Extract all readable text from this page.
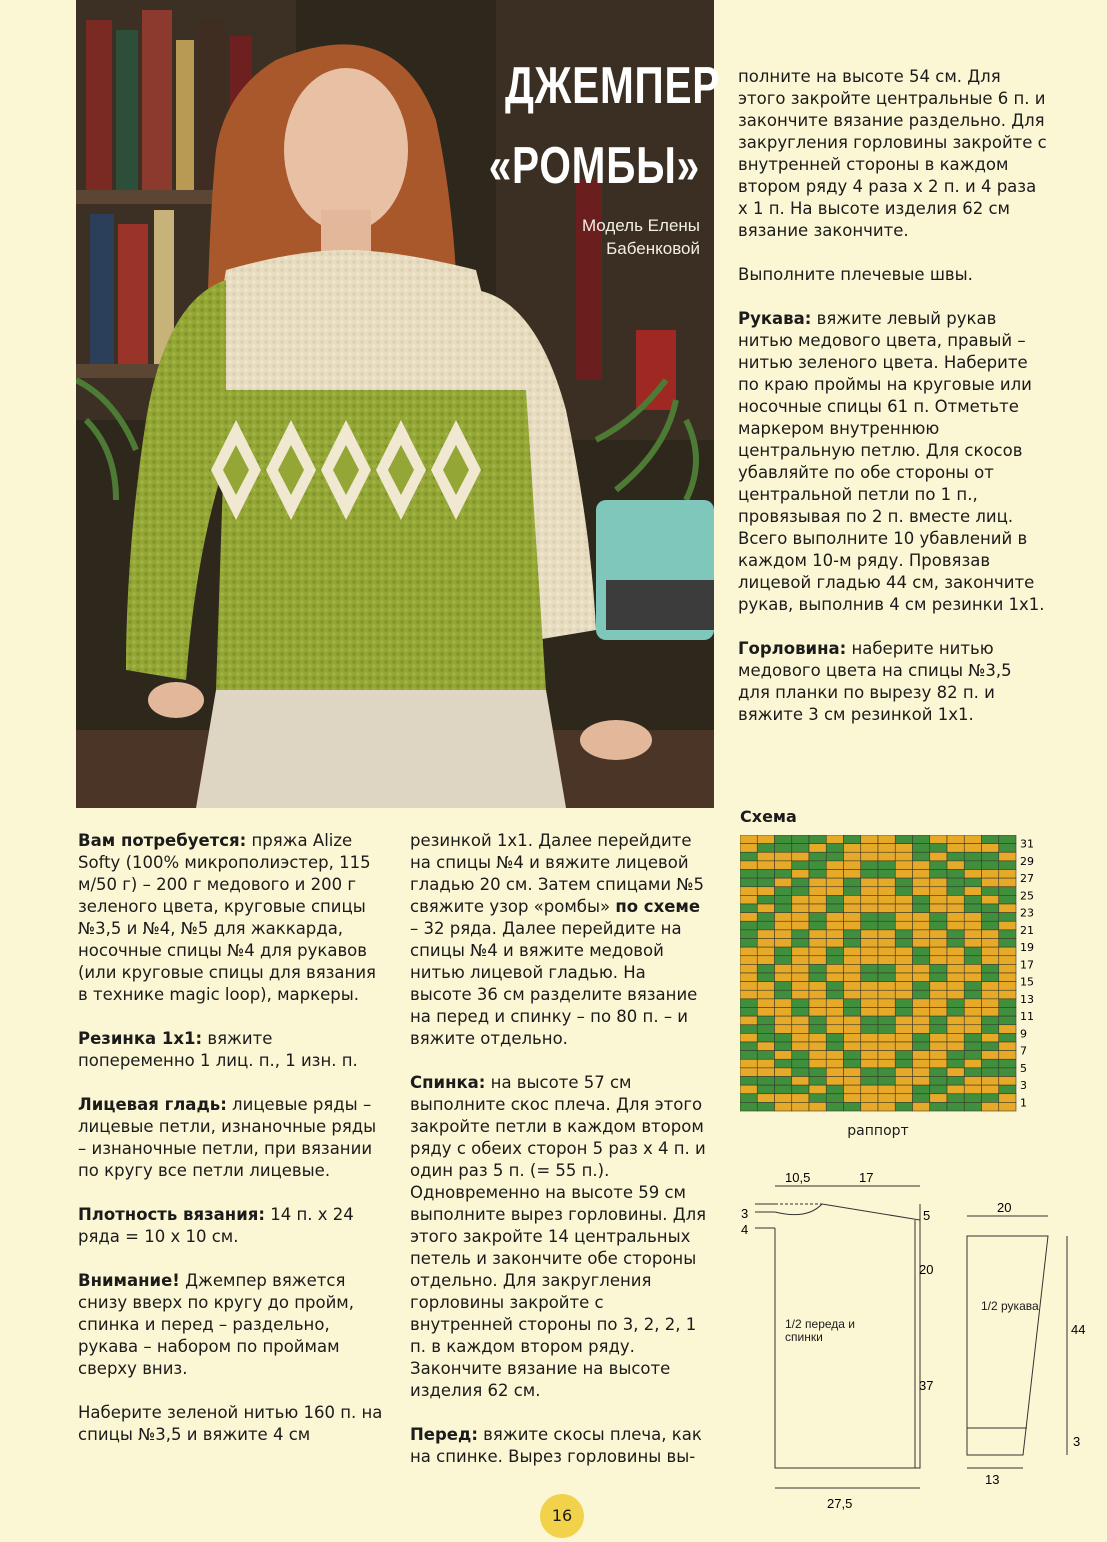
ДЖЕМПЕР
«РОМБЫ»
Модель Елены
Бабенковой

полните на высоте 54 см. Для этого закройте центральные 6 п. и закончите вязание раздельно. Для закругления горловины закройте с внутренней стороны в каждом втором ряду 4 раза х 2 п. и 4 раза х 1 п. На высоте изделия 62 см вязание закончите.

Выполните плечевые швы.

Рукава: вяжите левый рукав нитью медового цвета, правый – нитью зеленого цвета. Наберите по краю проймы на круговые или носочные спицы 61 п. Отметьте маркером внутреннюю центральную петлю. Для скосов убавляйте по обе стороны от центральной петли по 1 п., провязывая по 2 п. вместе лиц. Всего выполните 10 убавлений в каждом 10-м ряду. Провязав лицевой гладью 44 см, закончите рукав, выполнив 4 см резинки 1х1.

Горловина: наберите нитью медового цвета на спицы №3,5 для планки по вырезу 82 п. и вяжите 3 см резинкой 1х1.

Вам потребуется: пряжа Alize Softy (100% микрополиэстер, 115 м/50 г) – 200 г медового и 200 г зеленого цвета, круговые спицы №3,5 и №4, №5 для жаккарда, носочные спицы №4 для рукавов (или круговые спицы для вязания в технике magic loop), маркеры.

Резинка 1х1: вяжите попеременно 1 лиц. п., 1 изн. п.

Лицевая гладь: лицевые ряды – лицевые петли, изнаночные ряды – изнаночные петли, при вязании по кругу все петли лицевые.

Плотность вязания: 14 п. х 24 ряда = 10 х 10 см.

Внимание! Джемпер вяжется снизу вверх по кругу до пройм, спинка и перед – раздельно, рукава – набором по проймам сверху вниз.

Наберите зеленой нитью 160 п. на спицы №3,5 и вяжите 4 см

резинкой 1х1. Далее перейдите на спицы №4 и вяжите лицевой гладью 20 см. Затем спицами №5 свяжите узор «ромбы» по схеме – 32 ряда. Далее перейдите на спицы №4 и вяжите медовой нитью лицевой гладью. На высоте 36 см разделите вязание на перед и спинку – по 80 п. – и вяжите отдельно.

Спинка: на высоте 57 см выполните скос плеча. Для этого закройте петли в каждом втором ряду с обеих сторон 5 раз х 4 п. и один раз 5 п. (= 55 п.). Одновременно на высоте 59 см выполните вырез горловины. Для этого закройте 14 центральных петель и закончите обе стороны отдельно. Для закругления горловины закройте с внутренней стороны по 3, 2, 2, 1 п. в каждом втором ряду. Закончите вязание на высоте изделия 62 см.

Перед: вяжите скосы плеча, как на спинке. Вырез горловины вы-

Схема
31
29
27
25
23
21
19
17
15
13
11
9
7
5
3
1
раппорт
10,5	17
3
4
5
20
37
27,5
1/2 переда и спинки
20
44
3
13
1/2 рукава
16
